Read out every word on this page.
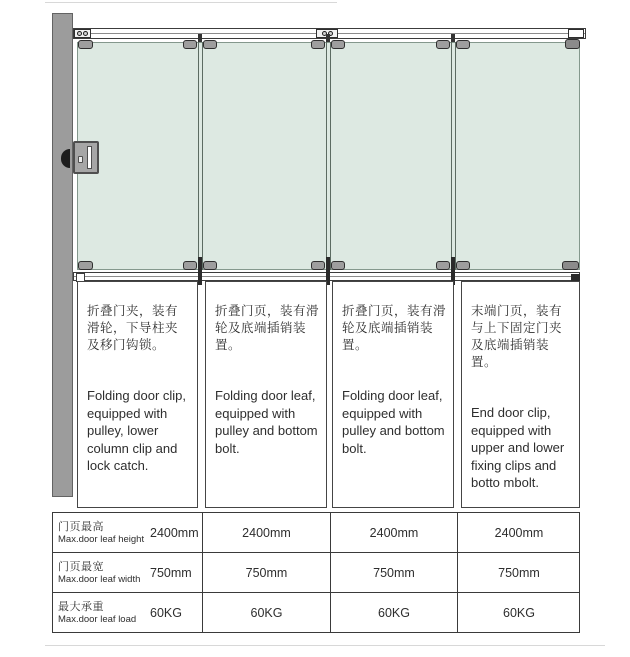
折叠门夹，装有滑轮，下导柱夹及移门钩锁。

Folding door clip, equipped with pulley, lower column clip and lock catch.

折叠门页，装有滑轮及底端插销装置。

Folding door leaf, equipped with pulley and bottom bolt.

折叠门页，装有滑轮及底端插销装置。

Folding door leaf, equipped with pulley and bottom bolt.

末端门页，装有与上下固定门夹及底端插销装置。

End door clip, equipped with upper and lower fixing clips and botto mbolt.

门页最高
Max.door leaf height 2400mm	2400mm	2400mm	2400mm
门页最宽
Max.door leaf width 750mm	750mm	750mm	750mm
最大承重
Max.door leaf load	60KG	60KG	60KG	60KG
